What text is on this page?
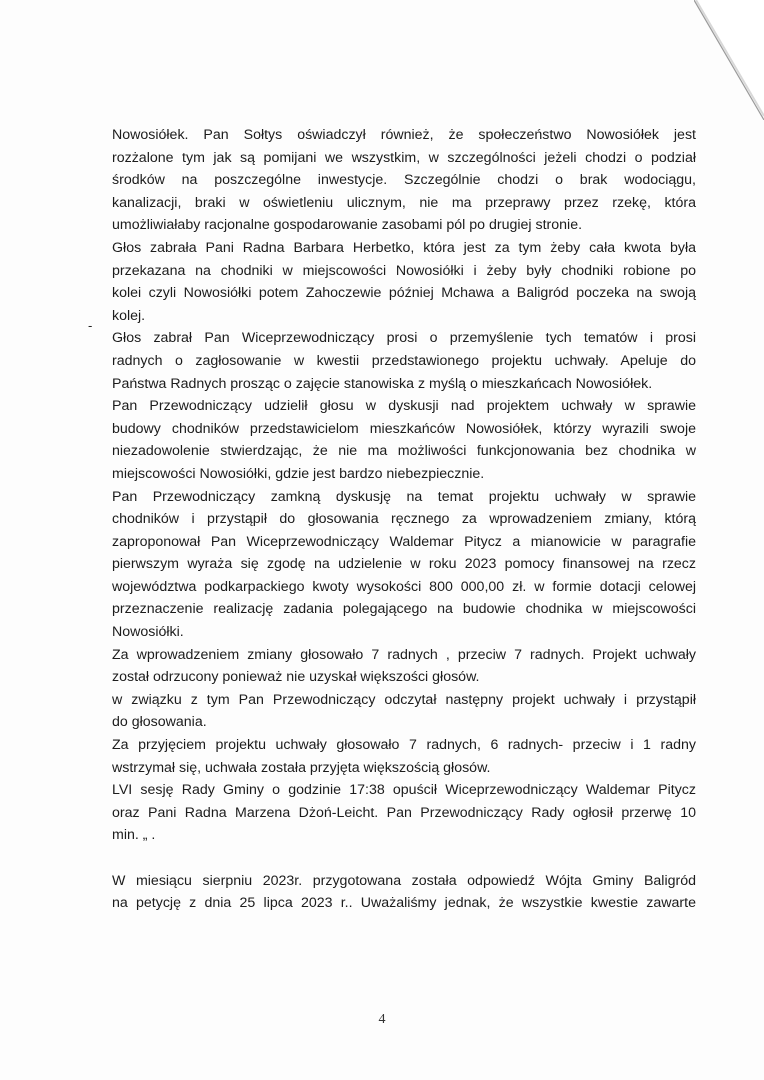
-
Nowosiółek. Pan Sołtys oświadczył również, że społeczeństwo Nowosiółek jest
rozżalone tym jak są pomijani we wszystkim, w szczególności jeżeli chodzi o podział
środków na poszczególne inwestycje. Szczególnie chodzi o brak wodociągu,
kanalizacji, braki w oświetleniu ulicznym, nie ma przeprawy przez rzekę, która
umożliwiałaby racjonalne gospodarowanie zasobami pól po drugiej stronie.
Głos zabrała Pani Radna Barbara Herbetko, która jest za tym żeby cała kwota była
przekazana na chodniki w miejscowości Nowosiółki i żeby były chodniki robione po
kolei czyli Nowosiółki potem Zahoczewie później Mchawa a Baligród poczeka na swoją
kolej.
Głos zabrał Pan Wiceprzewodniczący prosi o przemyślenie tych tematów i prosi
radnych o zagłosowanie w kwestii przedstawionego projektu uchwały. Apeluje do
Państwa Radnych prosząc o zajęcie stanowiska z myślą o mieszkańcach Nowosiółek.
Pan Przewodniczący udzielił głosu w dyskusji nad projektem uchwały w sprawie
budowy chodników przedstawicielom mieszkańców Nowosiółek, którzy wyrazili swoje
niezadowolenie stwierdzając, że nie ma możliwości funkcjonowania bez chodnika w
miejscowości Nowosiółki, gdzie jest bardzo niebezpiecznie.
Pan Przewodniczący zamkną dyskusję na temat projektu uchwały w sprawie
chodników i przystąpił do głosowania ręcznego za wprowadzeniem zmiany, którą
zaproponował Pan Wiceprzewodniczący Waldemar Pitycz a mianowicie w paragrafie
pierwszym wyraża się zgodę na udzielenie w roku 2023 pomocy finansowej na rzecz
województwa podkarpackiego kwoty wysokości 800 000,00 zł. w formie dotacji celowej
przeznaczenie realizację zadania polegającego na budowie chodnika w miejscowości
Nowosiółki.
Za wprowadzeniem zmiany głosowało 7 radnych , przeciw 7 radnych. Projekt uchwały
został odrzucony ponieważ nie uzyskał większości głosów.
w związku z tym Pan Przewodniczący odczytał następny projekt uchwały i przystąpił
do głosowania.
Za przyjęciem projektu uchwały głosowało 7 radnych, 6 radnych- przeciw i 1 radny
wstrzymał się, uchwała została przyjęta większością głosów.
LVI sesję Rady Gminy o godzinie 17:38 opuścił Wiceprzewodniczący Waldemar Pitycz
oraz Pani Radna Marzena Dżoń-Leicht. Pan Przewodniczący Rady ogłosił przerwę 10
min. „ .
W miesiącu sierpniu 2023r. przygotowana została odpowiedź Wójta Gminy Baligród
na petycję z dnia 25 lipca 2023 r.. Uważaliśmy jednak, że wszystkie kwestie zawarte
4
